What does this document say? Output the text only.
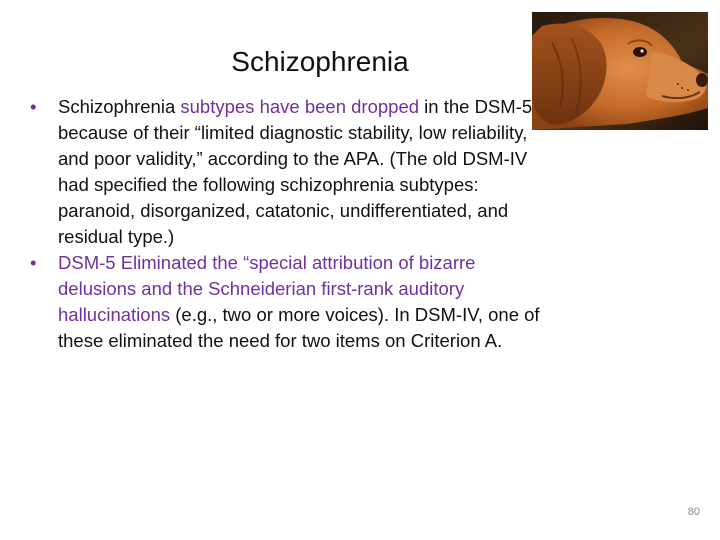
Schizophrenia

•	Schizophrenia subtypes have been dropped in the DSM-5 because of their “limited diagnostic stability, low reliability, and poor validity,” according to the APA. (The old DSM-IV had specified the following schizophrenia subtypes: paranoid, disorganized, catatonic, undifferentiated, and residual type.)

•	DSM-5 Eliminated the “special attribution of bizarre delusions and the Schneiderian first-rank auditory hallucinations (e.g., two or more voices). In DSM-IV, one of these eliminated the need for two items on Criterion A.

80
